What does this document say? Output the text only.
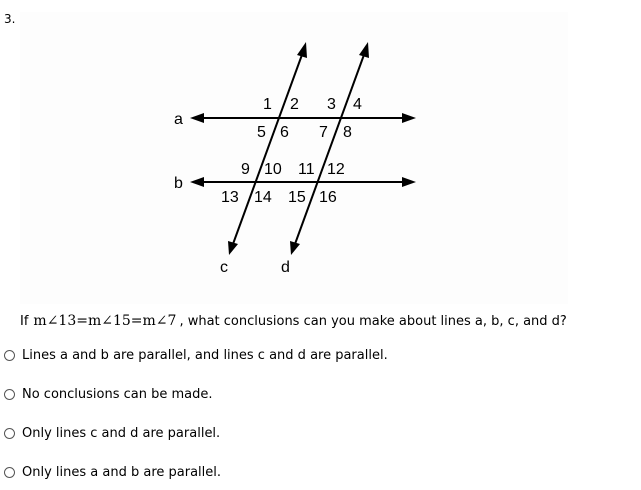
3.
a
b
c	d
1 2 3 4
5 6 7 8
9 10 11 12
13 14 15 16
If m∠13=m∠15=m∠7 , what conclusions can you make about lines a, b, c, and d?
Lines a and b are parallel, and lines c and d are parallel.
No conclusions can be made.
Only lines c and d are parallel.
Only lines a and b are parallel.
